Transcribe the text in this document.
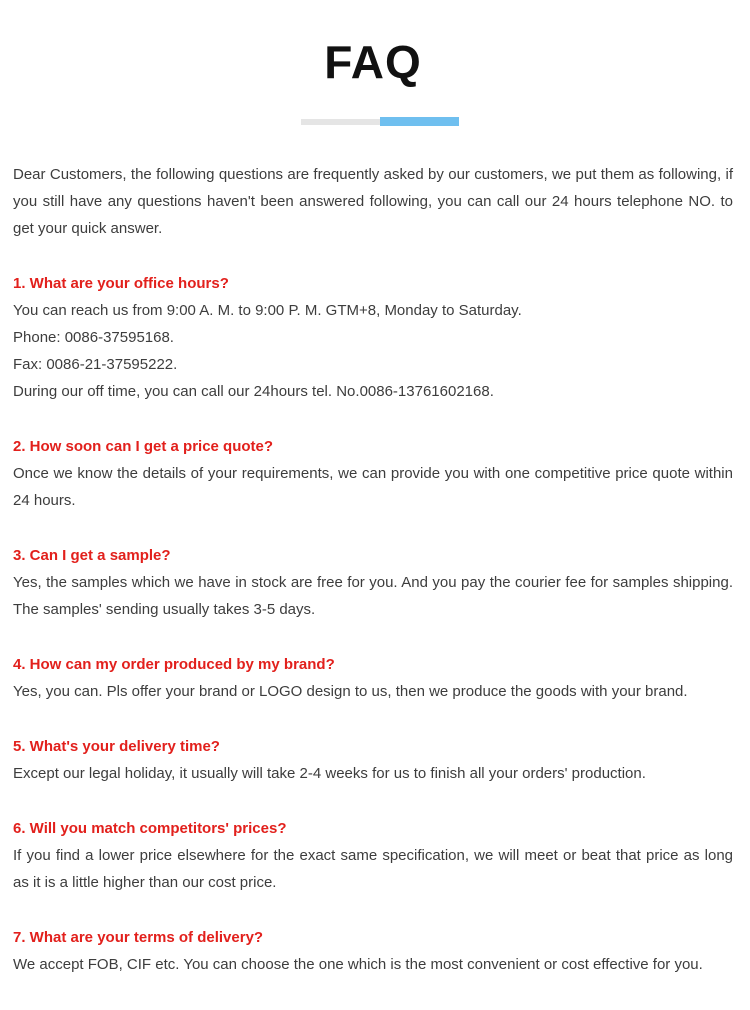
FAQ

Dear Customers, the following questions are frequently asked by our customers, we put them as following, if you still have any questions haven't been answered following, you can call our 24 hours telephone NO. to get your quick answer.

1. What are your office hours?

You can reach us from 9:00 A. M. to 9:00 P. M. GTM+8, Monday to Saturday.

Phone: 0086-37595168.

Fax: 0086-21-37595222.

During our off time, you can call our 24hours tel. No.0086-13761602168.

2. How soon can I get a price quote?

Once we know the details of your requirements, we can provide you with one competitive price quote within 24 hours.

3. Can I get a sample?

Yes, the samples which we have in stock are free for you. And you pay the courier fee for samples shipping. The samples' sending usually takes 3-5 days.

4. How can my order produced by my brand?

Yes, you can. Pls offer your brand or LOGO design to us, then we produce the goods with your brand.

5. What's your delivery time?

Except our legal holiday, it usually will take 2-4 weeks for us to finish all your orders' production.

6. Will you match competitors' prices?

If you find a lower price elsewhere for the exact same specification, we will meet or beat that price as long as it is a little higher than our cost price.

7. What are your terms of delivery?

We accept FOB, CIF etc. You can choose the one which is the most convenient or cost effective for you.
